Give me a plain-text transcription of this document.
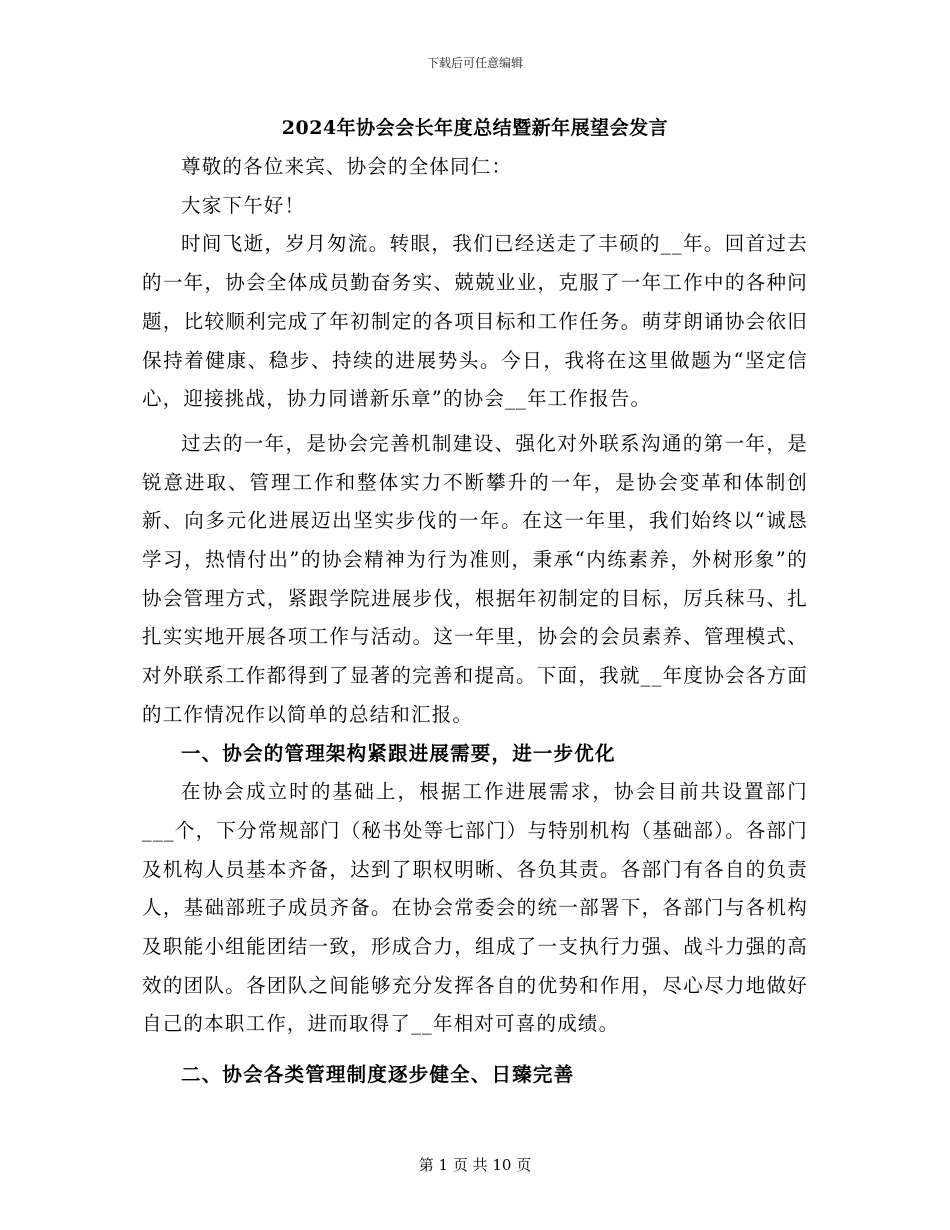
下载后可任意编辑
2024年协会会长年度总结暨新年展望会发言

尊敬的各位来宾、协会的全体同仁：

大家下午好！

时间飞逝，岁月匆流。转眼，我们已经送走了丰硕的__年。回首过去的一年，协会全体成员勤奋务实、兢兢业业，克服了一年工作中的各种问题，比较顺利完成了年初制定的各项目标和工作任务。萌芽朗诵协会依旧保持着健康、稳步、持续的进展势头。今日，我将在这里做题为“坚定信心，迎接挑战，协力同谱新乐章”的协会__年工作报告。

过去的一年，是协会完善机制建设、强化对外联系沟通的第一年，是锐意进取、管理工作和整体实力不断攀升的一年，是协会变革和体制创新、向多元化进展迈出坚实步伐的一年。在这一年里，我们始终以“诚恳学习，热情付出”的协会精神为行为准则，秉承“内练素养，外树形象”的协会管理方式，紧跟学院进展步伐，根据年初制定的目标，厉兵秣马、扎扎实实地开展各项工作与活动。这一年里，协会的会员素养、管理模式、对外联系工作都得到了显著的完善和提高。下面，我就__年度协会各方面的工作情况作以简单的总结和汇报。

一、协会的管理架构紧跟进展需要，进一步优化

在协会成立时的基础上，根据工作进展需求，协会目前共设置部门___个，下分常规部门（秘书处等七部门）与特别机构（基础部）。各部门及机构人员基本齐备，达到了职权明晰、各负其责。各部门有各自的负责人，基础部班子成员齐备。在协会常委会的统一部署下，各部门与各机构及职能小组能团结一致，形成合力，组成了一支执行力强、战斗力强的高效的团队。各团队之间能够充分发挥各自的优势和作用，尽心尽力地做好自己的本职工作，进而取得了__年相对可喜的成绩。

二、协会各类管理制度逐步健全、日臻完善
第 1 页 共 10 页
